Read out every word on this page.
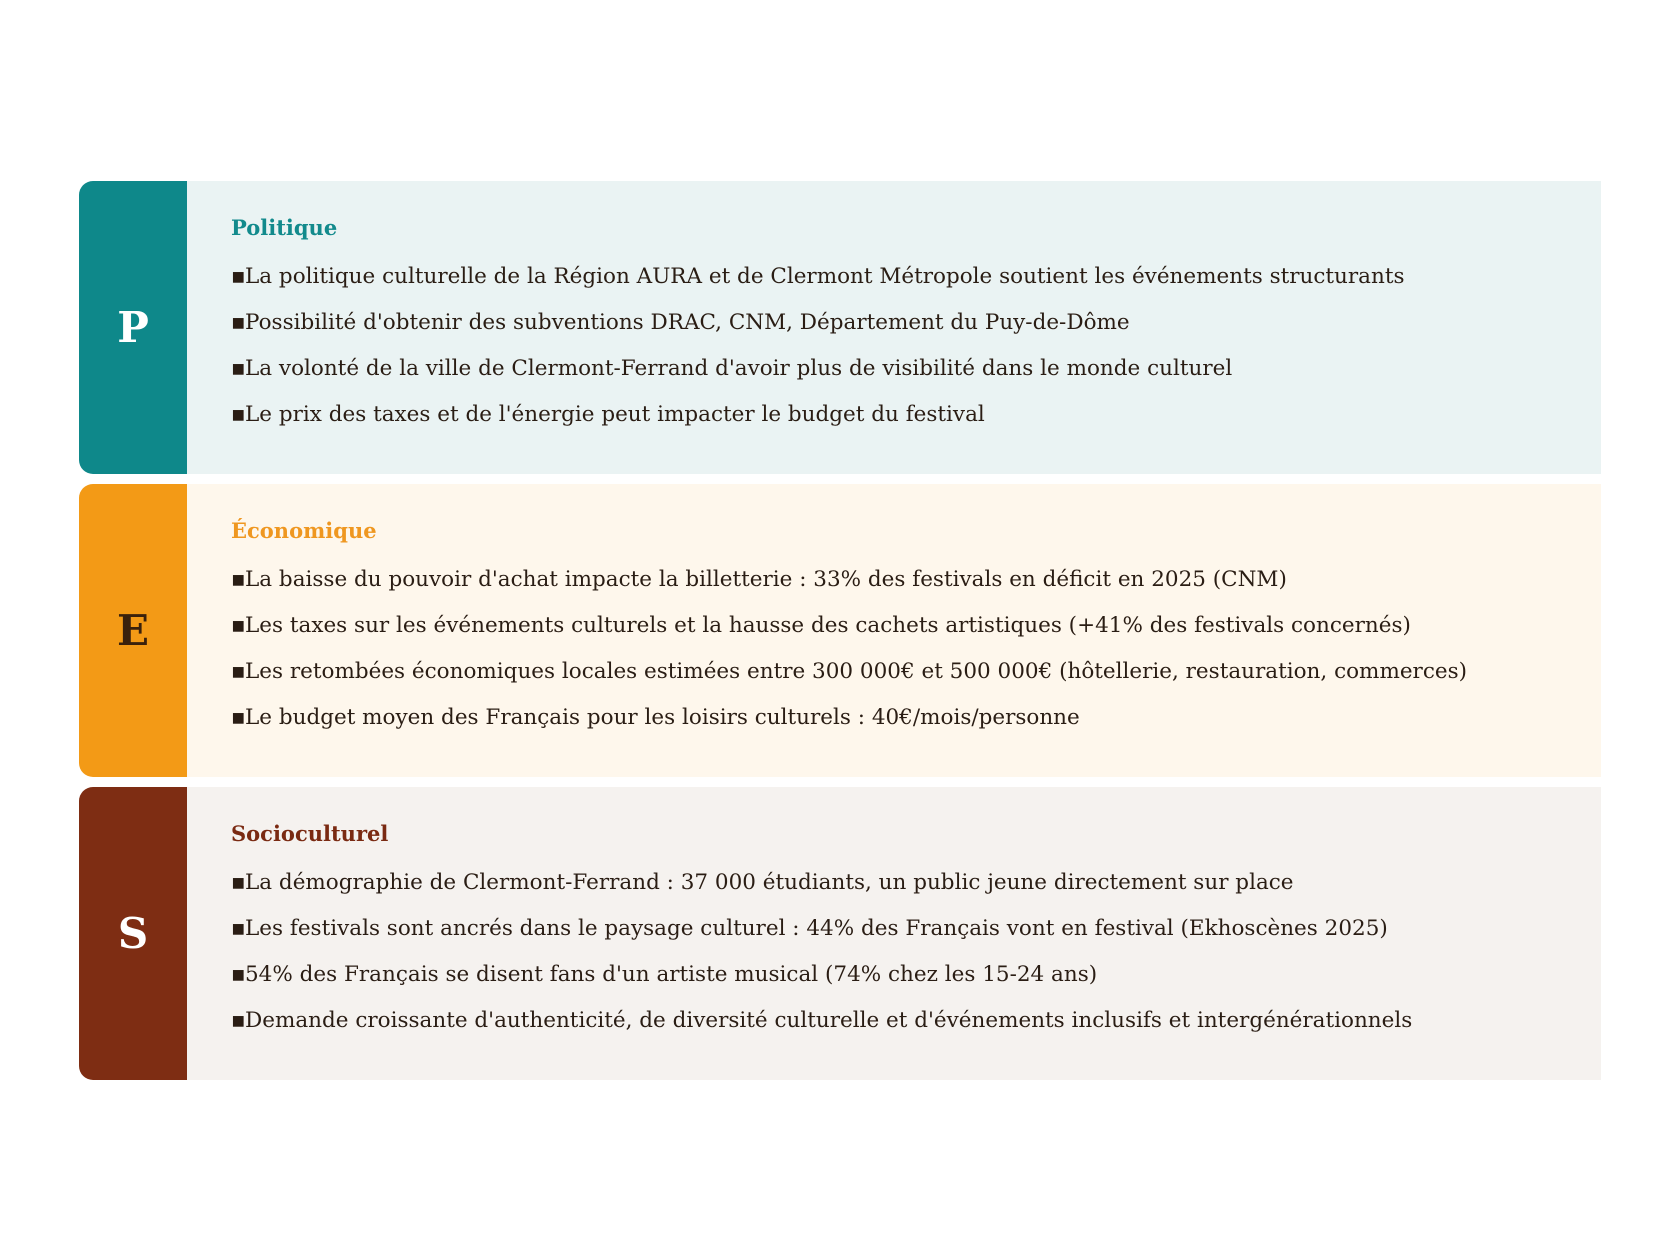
P
Politique
▪ La politique culturelle de la Région AURA et de Clermont Métropole soutient les événements structurants
▪ Possibilité d'obtenir des subventions DRAC, CNM, Département du Puy-de-Dôme
▪ La volonté de la ville de Clermont-Ferrand d'avoir plus de visibilité dans le monde culturel
▪ Le prix des taxes et de l'énergie peut impacter le budget du festival
E
Économique
▪ La baisse du pouvoir d'achat impacte la billetterie : 33% des festivals en déficit en 2025 (CNM)
▪ Les taxes sur les événements culturels et la hausse des cachets artistiques (+41% des festivals concernés)
▪ Les retombées économiques locales estimées entre 300 000€ et 500 000€ (hôtellerie, restauration, commerces)
▪ Le budget moyen des Français pour les loisirs culturels : 40€/mois/personne
S
Socioculturel
▪ La démographie de Clermont-Ferrand : 37 000 étudiants, un public jeune directement sur place
▪ Les festivals sont ancrés dans le paysage culturel : 44% des Français vont en festival (Ekhoscènes 2025)
▪ 54% des Français se disent fans d'un artiste musical (74% chez les 15-24 ans)
▪ Demande croissante d'authenticité, de diversité culturelle et d'événements inclusifs et intergénérationnels
